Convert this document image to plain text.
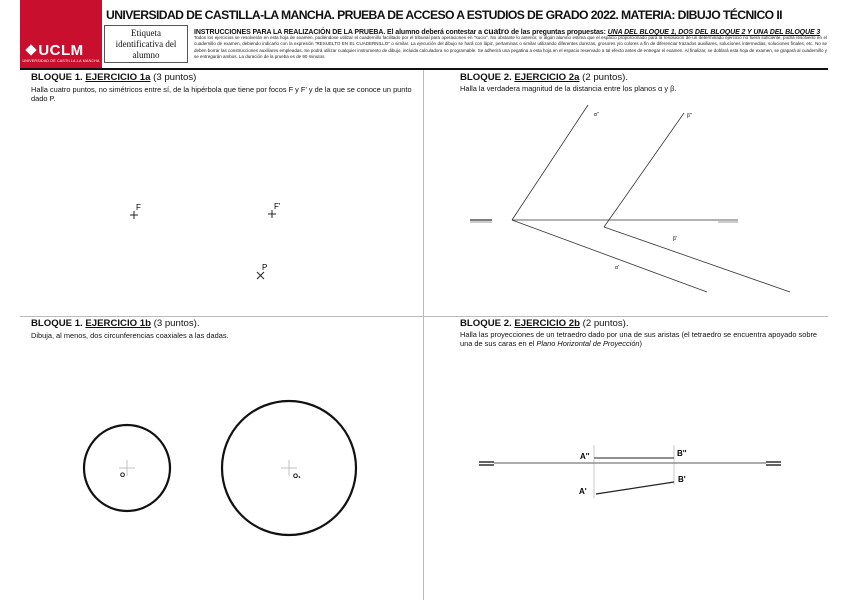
UCLM
UNIVERSIDAD DE CASTILLA-LA MANCHA
UNIVERSIDAD DE CASTILLA-LA MANCHA. PRUEBA DE ACCESO A ESTUDIOS DE GRADO 2022. MATERIA: DIBUJO TÉCNICO II
Etiqueta identificativa del alumno
INSTRUCCIONES PARA LA REALIZACIÓN DE LA PRUEBA. El alumno deberá contestar a cuatro de las preguntas propuestas: UNA DEL BLOQUE 1, DOS DEL BLOQUE 2 Y UNA DEL BLOQUE 3
Todos los ejercicios se resolverán en esta hoja de examen, pudiéndose utilizar el cuadernillo facilitado por el tribunal para operaciones en "sucio". No obstante lo anterior, si algún alumno estima que el espacio proporcionado para la resolución de un determinado ejercicio no fuera suficiente, podrá resolverlo en el cuadernillo de examen, debiendo indicarlo con la expresión "RESUELTO EN EL CUADERNILLO" o similar. La ejecución del dibujo se hará con lápiz, pertaminas o similar utilizando diferentes durezas, grosores y/o colores a fin de diferenciar trazados auxiliares, soluciones intermedias, soluciones finales, etc. No se deben borrar las construcciones auxiliares empleadas. Se podrá utilizar cualquier instrumento de dibujo, incluida calculadora no programable. Se adherirá una pegatina a esta hoja en el espacio reservado a tal efecto antes de entregar el examen. Al finalizar, se doblará esta hoja de examen, se grapará al cuadernillo y se entregarán ambos. La duración de la prueba es de 90 minutos.
BLOQUE 1. EJERCICIO 1a (3 puntos)
Halla cuatro puntos, no simétricos entre sí, de la hipérbola que tiene por focos F y F’ y de la que se conoce un punto dado P.
BLOQUE 2. EJERCICIO 2a (2 puntos).
Halla la verdadera magnitud de la distancia entre los planos α y β.
BLOQUE 1. EJERCICIO 1b (3 puntos).
Dibuja, al menos, dos circunferencias coaxiales a las dadas.
BLOQUE 2. EJERCICIO 2b (2 puntos).
Halla las proyecciones de un tetraedro dado por una de sus aristas (el tetraedro se encuentra apoyado sobre una de sus caras en el Plano Horizontal de Proyección)
F	F'
P
α''	β''
β'
α'
O	O₁
A''	B''
A'
B'
